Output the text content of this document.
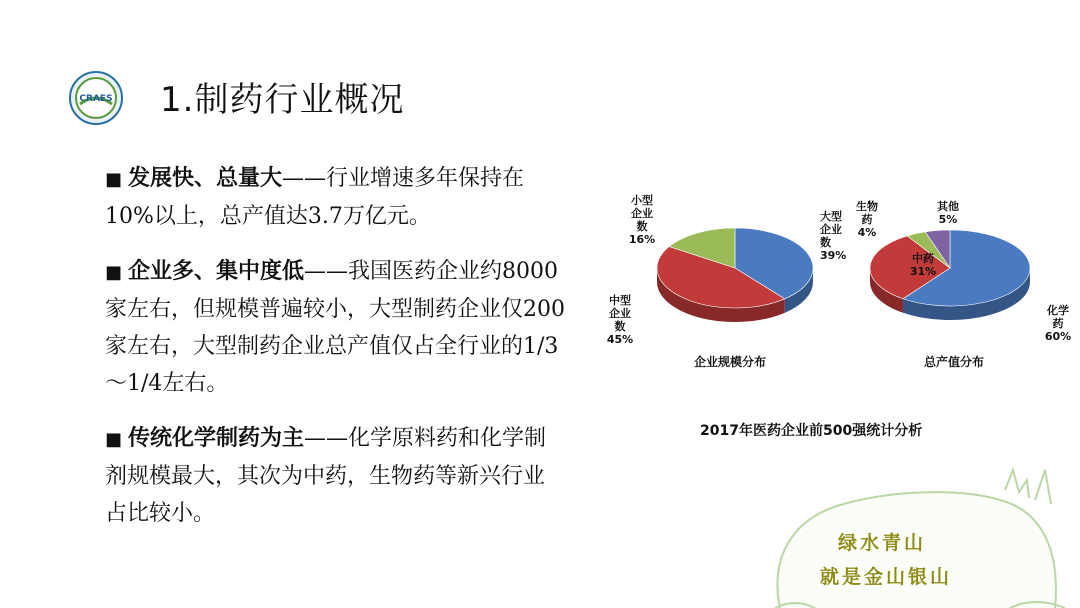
CRAES 1.制药行业概况
■ 发展快、总量大——行业增速多年保持在10%以上，总产值达3.7万亿元。
■ 企业多、集中度低——我国医药企业约8000家左右，但规模普遍较小，大型制药企业仅200家左右，大型制药企业总产值仅占全行业的1/3～1/4左右。
■ 传统化学制药为主——化学原料药和化学制剂规模最大，其次为中药，生物药等新兴行业占比较小。
大型企业数 39%
中型企业数 45%
小型企业数 16%
企业规模分布
化学药 60%
中药 31%
生物药 4%
其他 5%
总产值分布
2017年医药企业前500强统计分析
绿水青山
就是金山银山
